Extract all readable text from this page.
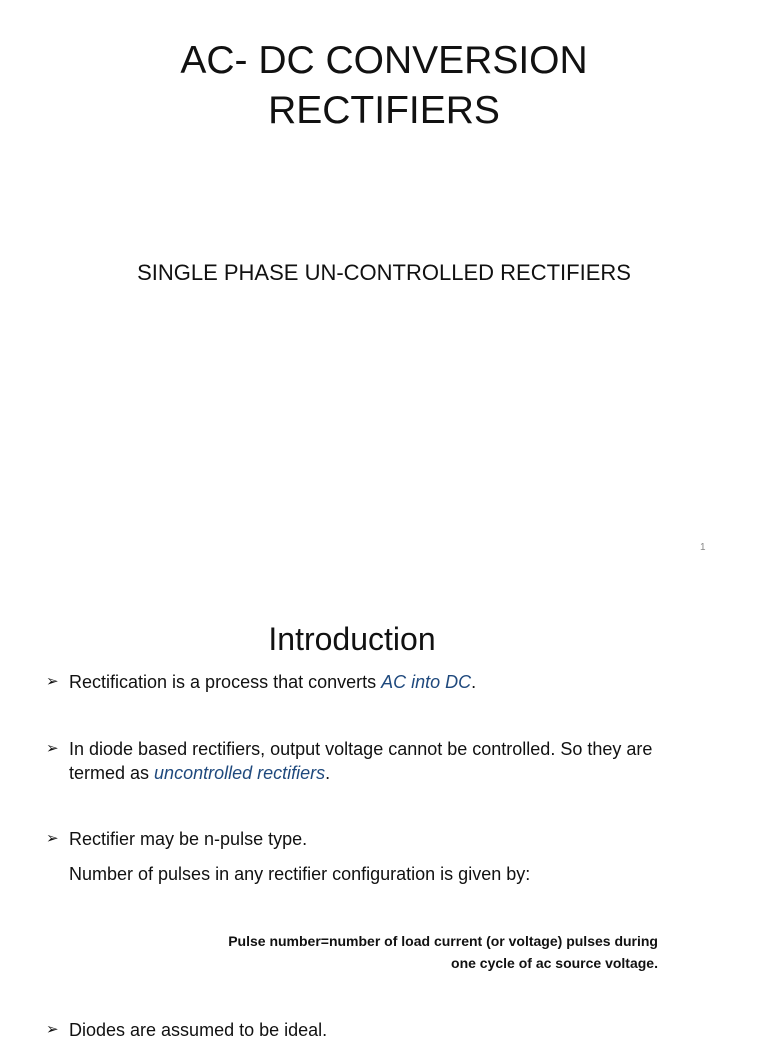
AC- DC CONVERSION
RECTIFIERS
SINGLE PHASE UN-CONTROLLED RECTIFIERS
1
Introduction
➢ Rectification is a process that converts AC into DC.
➢ In diode based rectifiers, output voltage cannot be controlled. So they are termed as uncontrolled rectifiers.
➢ Rectifier may be n-pulse type.
Number of pulses in any rectifier configuration is given by:
Pulse number=number of load current (or voltage) pulses during
one cycle of ac source voltage.
➢ Diodes are assumed to be ideal.
